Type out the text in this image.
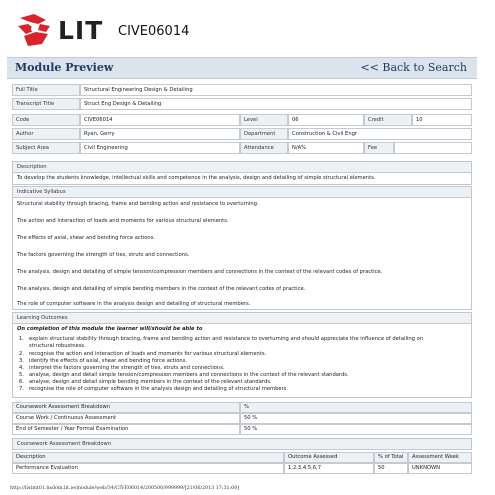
LIT CIVE06014
Module Preview	<< Back to Search
Full Title	Structural Engineering Design & Detailing
Transcript Title	Struct Eng Design & Detailing
Code	CIVE06014	Level	06	Credit	10
Author	Ryan, Gerry	Department	Construction & Civil Engr
Subject Area	Civil Engineering	Attendance	N/A%	Fee
Description
To develop the students knowledge, intellectual skills and competence in the analysis, design and detailing of simple structural elements.
Indicative Syllabus
Structural stability through bracing, frame and bending action and resistance to overturning.
The action and interaction of loads and moments for various structural elements.
The effects of axial, shear and bending force actions.
The factors governing the strength of ties, struts and connections.
The analysis, design and detailing of simple tension/compression members and connections in the context of the relevant codes of practice.
The analysis, design and detailing of simple bending members in the context of the relevant codes of practice.
The role of computer software in the analysis design and detailing of structural members.
Learning Outcomes
On completion of this module the learner will/should be able to
1. explain structural stability through bracing, frame and bending action and resistance to overturning and should appreciate the influence of detailing on
structural robustness.
2. recognise the action and interaction of loads and moments for various structural elements.
3. identify the effects of axial, shear and bending force actions.
4. interpret the factors governing the strength of ties, struts and connections.
5. analyse, design and detail simple tension/compression members and connections in the context of the relevant standards.
6. analyse, design and detail simple bending members in the context of the relevant standards.
7. recognise the role of computer software in the analysis design and detailing of structural members.
Coursework Assessment Breakdown	%
Course Work / Continuous Assessment	50 %
End of Semester / Year Formal Examination	50 %
Coursework Assessment Breakdown
Description	Outcome Assessed	% of Total	Assessment Week
Performance Evaluation	1,2,3,4,5,6,7	50	UNKNOWN
http://listmt01.lisdom.lit.ie/module/web/34/CIVE06014/200500/999999/[21/06/2013 17:31:00]
